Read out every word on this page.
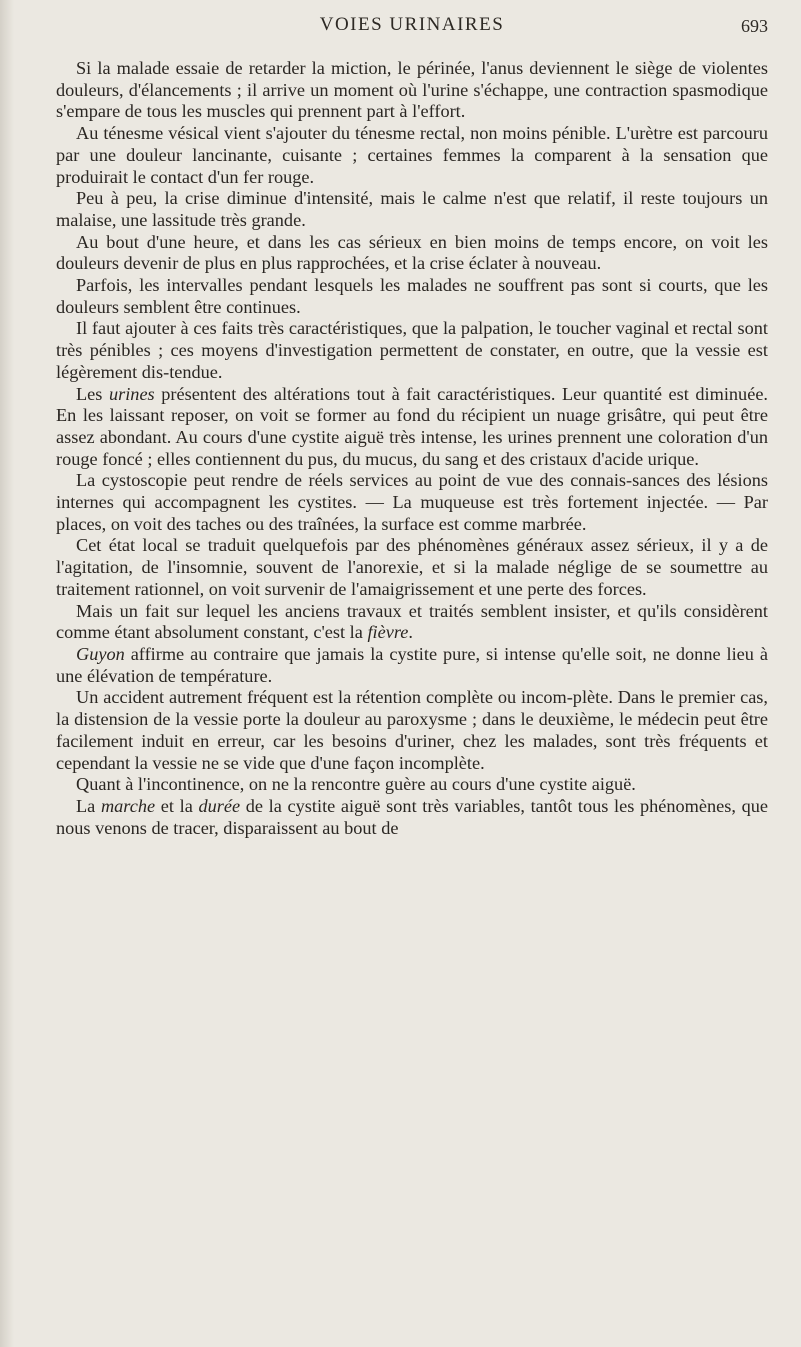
VOIES URINAIRES	693

Si la malade essaie de retarder la miction, le périnée, l'anus deviennent le siège de violentes douleurs, d'élancements ; il arrive un moment où l'urine s'échappe, une contraction spasmodique s'empare de tous les muscles qui prennent part à l'effort.

Au ténesme vésical vient s'ajouter du ténesme rectal, non moins pénible. L'urètre est parcouru par une douleur lancinante, cuisante ; certaines femmes la comparent à la sensation que produirait le contact d'un fer rouge.

Peu à peu, la crise diminue d'intensité, mais le calme n'est que relatif, il reste toujours un malaise, une lassitude très grande.

Au bout d'une heure, et dans les cas sérieux en bien moins de temps encore, on voit les douleurs devenir de plus en plus rapprochées, et la crise éclater à nouveau.

Parfois, les intervalles pendant lesquels les malades ne souffrent pas sont si courts, que les douleurs semblent être continues.

Il faut ajouter à ces faits très caractéristiques, que la palpation, le toucher vaginal et rectal sont très pénibles ; ces moyens d'investigation permettent de constater, en outre, que la vessie est légèrement dis-tendue.

Les urines présentent des altérations tout à fait caractéristiques. Leur quantité est diminuée. En les laissant reposer, on voit se former au fond du récipient un nuage grisâtre, qui peut être assez abondant. Au cours d'une cystite aiguë très intense, les urines prennent une coloration d'un rouge foncé ; elles contiennent du pus, du mucus, du sang et des cristaux d'acide urique.

La cystoscopie peut rendre de réels services au point de vue des connais-sances des lésions internes qui accompagnent les cystites. — La muqueuse est très fortement injectée. — Par places, on voit des taches ou des traînées, la surface est comme marbrée.

Cet état local se traduit quelquefois par des phénomènes généraux assez sérieux, il y a de l'agitation, de l'insomnie, souvent de l'anorexie, et si la malade néglige de se soumettre au traitement rationnel, on voit survenir de l'amaigrissement et une perte des forces.

Mais un fait sur lequel les anciens travaux et traités semblent insister, et qu'ils considèrent comme étant absolument constant, c'est la fièvre.

Guyon affirme au contraire que jamais la cystite pure, si intense qu'elle soit, ne donne lieu à une élévation de température.

Un accident autrement fréquent est la rétention complète ou incom-plète. Dans le premier cas, la distension de la vessie porte la douleur au paroxysme ; dans le deuxième, le médecin peut être facilement induit en erreur, car les besoins d'uriner, chez les malades, sont très fréquents et cependant la vessie ne se vide que d'une façon incomplète.

Quant à l'incontinence, on ne la rencontre guère au cours d'une cystite aiguë.

La marche et la durée de la cystite aiguë sont très variables, tantôt tous les phénomènes, que nous venons de tracer, disparaissent au bout de
